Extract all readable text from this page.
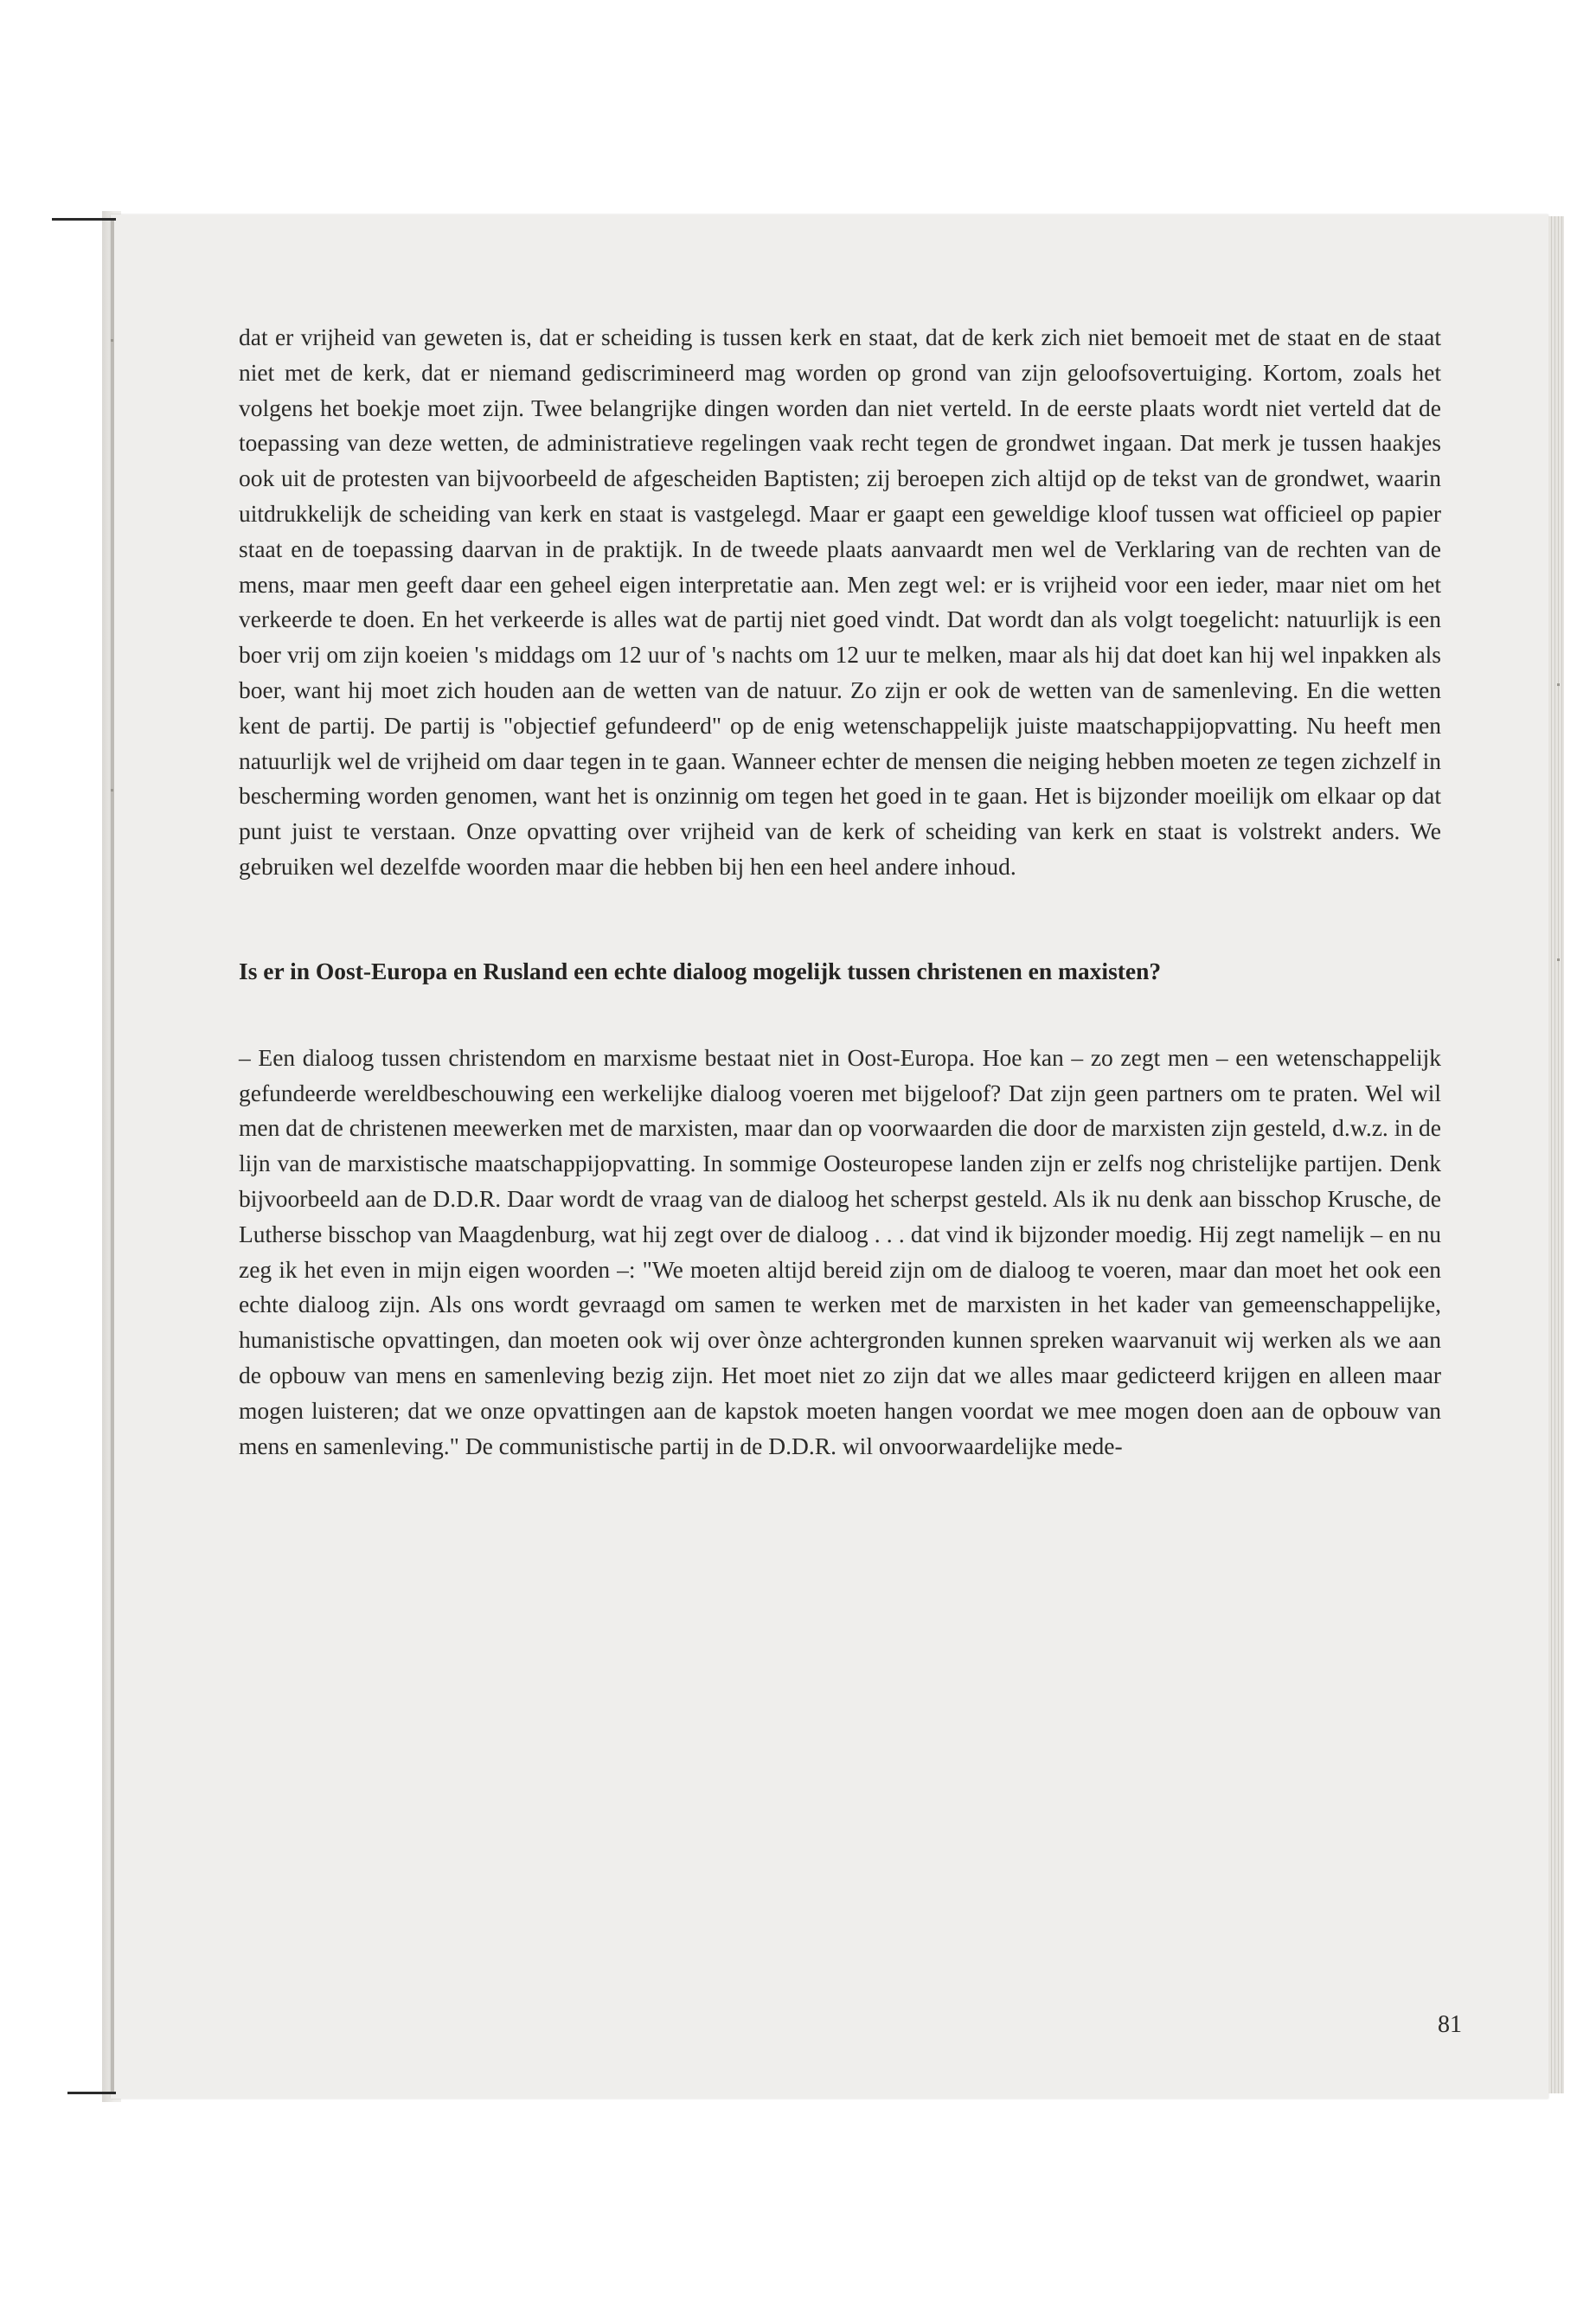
dat er vrijheid van geweten is, dat er scheiding is tussen kerk en staat, dat de kerk zich niet bemoeit met de staat en de staat niet met de kerk, dat er niemand gediscrimineerd mag worden op grond van zijn geloofsovertuiging. Kortom, zoals het volgens het boekje moet zijn. Twee belangrijke dingen worden dan niet verteld. In de eerste plaats wordt niet verteld dat de toepassing van deze wetten, de administratieve regelingen vaak recht tegen de grondwet ingaan. Dat merk je tussen haakjes ook uit de protesten van bijvoorbeeld de afgescheiden Baptisten; zij beroepen zich altijd op de tekst van de grondwet, waarin uitdrukkelijk de scheiding van kerk en staat is vastgelegd. Maar er gaapt een geweldige kloof tussen wat officieel op papier staat en de toepassing daarvan in de praktijk. In de tweede plaats aanvaardt men wel de Verklaring van de rechten van de mens, maar men geeft daar een geheel eigen interpretatie aan. Men zegt wel: er is vrijheid voor een ieder, maar niet om het verkeerde te doen. En het verkeerde is alles wat de partij niet goed vindt. Dat wordt dan als volgt toegelicht: natuurlijk is een boer vrij om zijn koeien 's middags om 12 uur of 's nachts om 12 uur te melken, maar als hij dat doet kan hij wel inpakken als boer, want hij moet zich houden aan de wetten van de natuur. Zo zijn er ook de wetten van de samenleving. En die wetten kent de partij. De partij is "objectief gefundeerd" op de enig wetenschappelijk juiste maatschappijopvatting. Nu heeft men natuurlijk wel de vrijheid om daar tegen in te gaan. Wanneer echter de mensen die neiging hebben moeten ze tegen zichzelf in bescherming worden genomen, want het is onzinnig om tegen het goed in te gaan. Het is bijzonder moeilijk om elkaar op dat punt juist te verstaan. Onze opvatting over vrijheid van de kerk of scheiding van kerk en staat is volstrekt anders. We gebruiken wel dezelfde woorden maar die hebben bij hen een heel andere inhoud.

Is er in Oost-Europa en Rusland een echte dialoog mogelijk tussen christenen en maxisten?

– Een dialoog tussen christendom en marxisme bestaat niet in Oost-Europa. Hoe kan – zo zegt men – een wetenschappelijk gefundeerde wereldbeschouwing een werkelijke dialoog voeren met bijgeloof? Dat zijn geen partners om te praten. Wel wil men dat de christenen meewerken met de marxisten, maar dan op voorwaarden die door de marxisten zijn gesteld, d.w.z. in de lijn van de marxistische maatschappijopvatting. In sommige Oosteuropese landen zijn er zelfs nog christelijke partijen. Denk bijvoorbeeld aan de D.D.R. Daar wordt de vraag van de dialoog het scherpst gesteld. Als ik nu denk aan bisschop Krusche, de Lutherse bisschop van Maagdenburg, wat hij zegt over de dialoog . . . dat vind ik bijzonder moedig. Hij zegt namelijk – en nu zeg ik het even in mijn eigen woorden –: "We moeten altijd bereid zijn om de dialoog te voeren, maar dan moet het ook een echte dialoog zijn. Als ons wordt gevraagd om samen te werken met de marxisten in het kader van gemeenschappelijke, humanistische opvattingen, dan moeten ook wij over ònze achtergronden kunnen spreken waarvanuit wij werken als we aan de opbouw van mens en samenleving bezig zijn. Het moet niet zo zijn dat we alles maar gedicteerd krijgen en alleen maar mogen luisteren; dat we onze opvattingen aan de kapstok moeten hangen voordat we mee mogen doen aan de opbouw van mens en samenleving." De communistische partij in de D.D.R. wil onvoorwaardelijke mede-

81
